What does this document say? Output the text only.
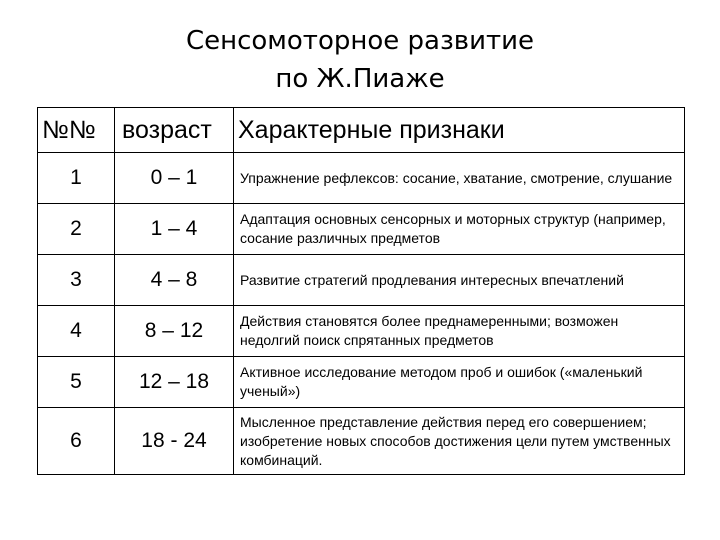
Сенсомоторное развитие
по Ж.Пиаже
№№	возраст	Характерные признаки
1	0 – 1	Упражнение рефлексов: сосание, хватание, смотрение, слушание
2	1 – 4	Адаптация основных сенсорных и моторных структур (например, сосание различных предметов
3	4 – 8	Развитие стратегий продлевания интересных впечатлений
4	8 – 12	Действия становятся более преднамеренными; возможен недолгий поиск спрятанных предметов
5	12 – 18	Активное исследование методом проб и ошибок («маленький ученый»)
6	18 - 24	Мысленное представление действия перед его совершением; изобретение новых способов достижения цели путем умственных комбинаций.
